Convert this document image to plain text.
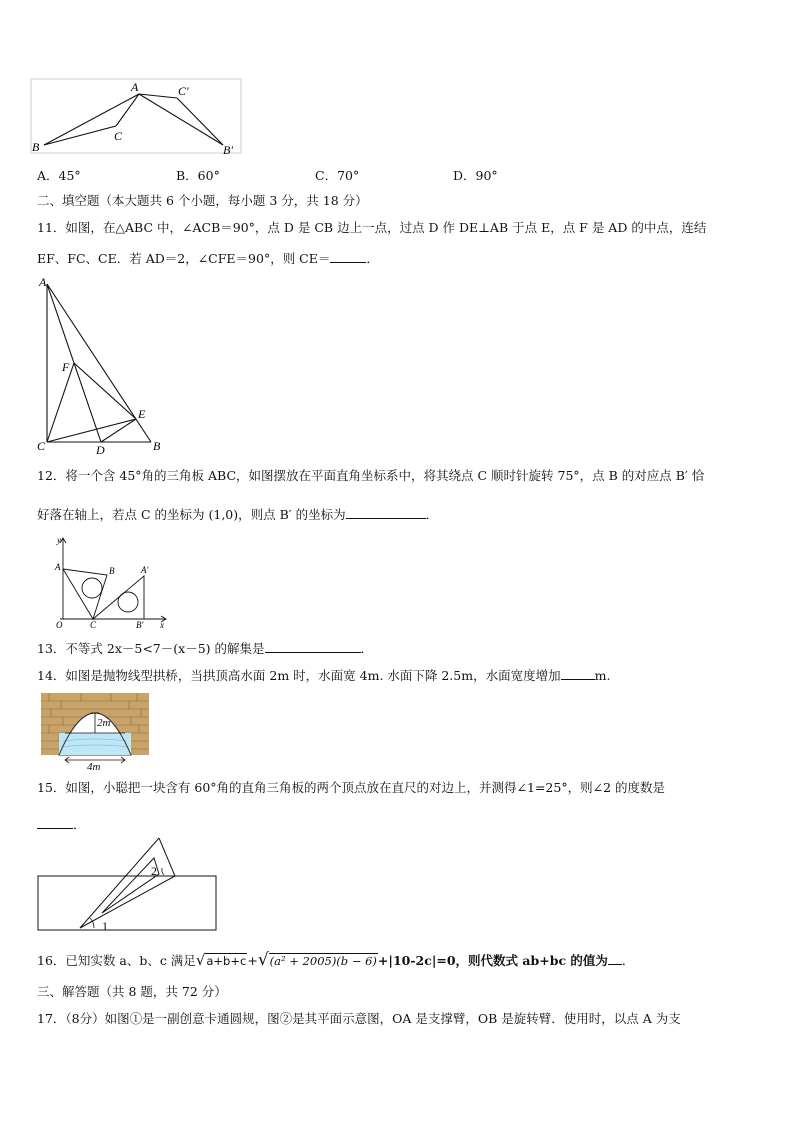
A
B
C
C′
B′
A．45°	B．60°	C．70°	D．90°
二、填空题（本大题共 6 个小题，每小题 3 分，共 18 分）
11．如图，在△ABC 中，∠ACB＝90°，点 D 是 CB 边上一点，过点 D 作 DE⊥AB 于点 E，点 F 是 AD 的中点，连结
EF、FC、CE．若 AD＝2，∠CFE＝90°，则 CE＝	．
A
F
E
C	D	B
12．将一个含 45°角的三角板 ABC，如图摆放在平面直角坐标系中，将其绕点 C 顺时针旋转 75°，点 B 的对应点 B′ 恰
好落在轴上，若点 C 的坐标为 (1,0)，则点 B′ 的坐标为	．
y
x
O
A	B
C
A′
B′
13．不等式 2x－5<7－(x－5) 的解集是	．
14．如图是抛物线型拱桥，当拱顶高水面 2m 时，水面宽 4m. 水面下降 2.5m，水面宽度增加	m.
2m
4m
15．如图，小聪把一块含有 60°角的直角三角板的两个顶点放在直尺的对边上，并测得∠1=25°，则∠2 的度数是
．
1
2
16．已知实数 a、b、c 满足√a+b+c+√(a² + 2005)(b − 6)+|10-2c|=0，则代数式 ab+bc 的值为 ．
三、解答题（共 8 题，共 72 分）
17．（8分）如图①是一副创意卡通圆规，图②是其平面示意图，OA 是支撑臂，OB 是旋转臂．使用时，以点 A 为支
